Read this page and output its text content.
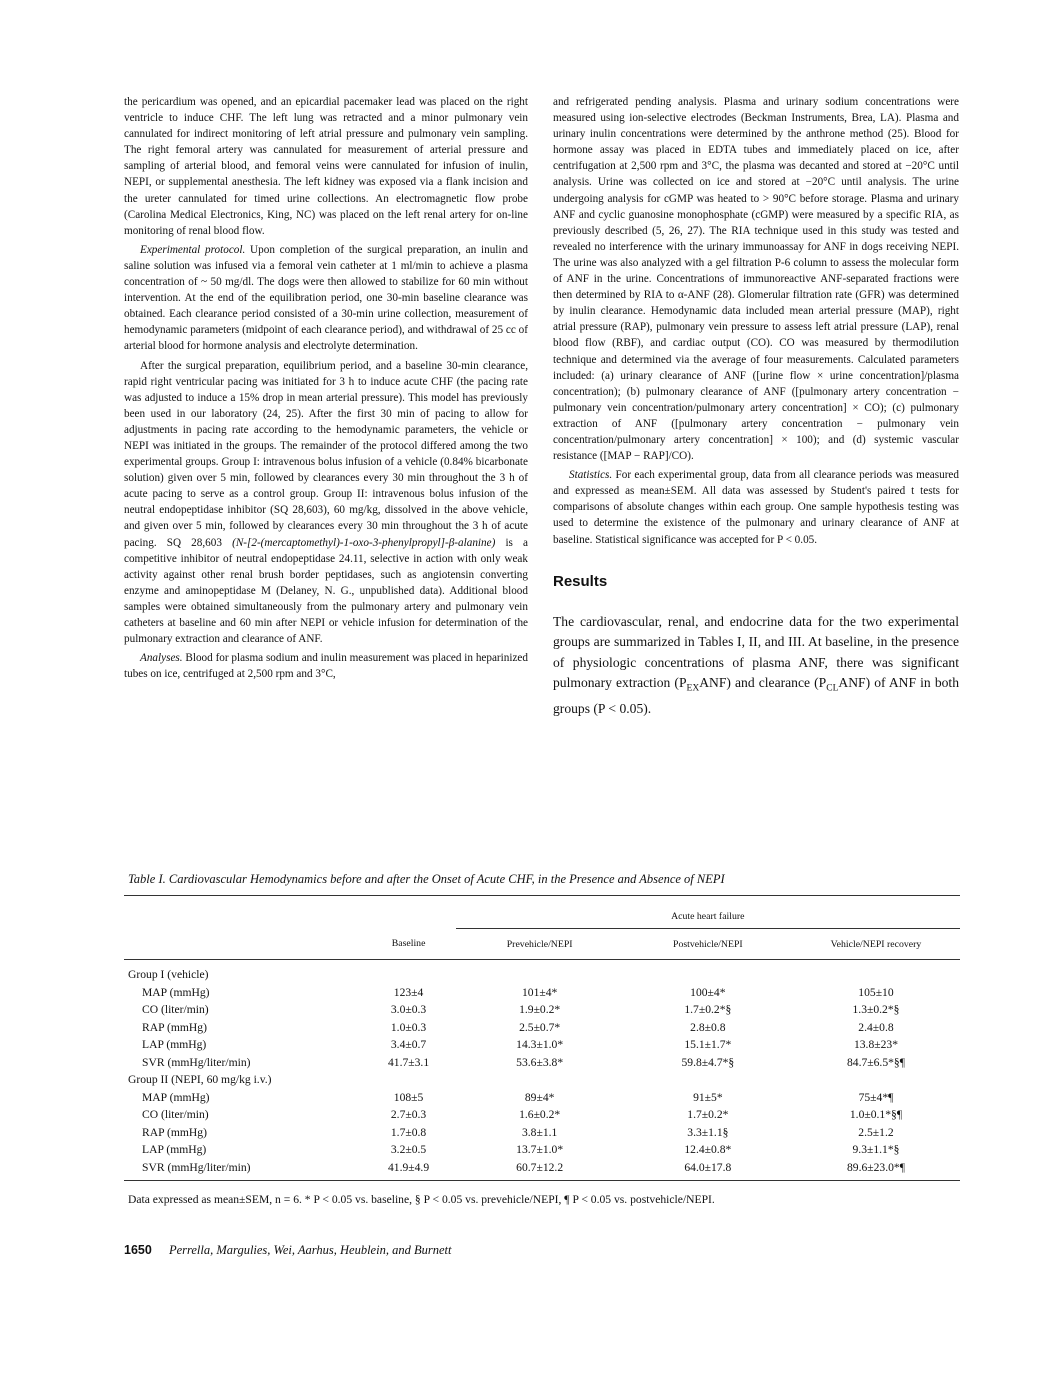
the pericardium was opened, and an epicardial pacemaker lead was placed on the right ventricle to induce CHF. The left lung was retracted and a minor pulmonary vein cannulated for indirect monitoring of left atrial pressure and pulmonary vein sampling. The right femoral artery was cannulated for measurement of arterial pressure and sampling of arterial blood, and femoral veins were cannulated for infusion of inulin, NEPI, or supplemental anesthesia. The left kidney was exposed via a flank incision and the ureter cannulated for timed urine collections. An electromagnetic flow probe (Carolina Medical Electronics, King, NC) was placed on the left renal artery for on-line monitoring of renal blood flow.

Experimental protocol. Upon completion of the surgical preparation, an inulin and saline solution was infused via a femoral vein catheter at 1 ml/min to achieve a plasma concentration of ~ 50 mg/dl. The dogs were then allowed to stabilize for 60 min without intervention. At the end of the equilibration period, one 30-min baseline clearance was obtained. Each clearance period consisted of a 30-min urine collection, measurement of hemodynamic parameters (midpoint of each clearance period), and withdrawal of 25 cc of arterial blood for hormone analysis and electrolyte determination.

After the surgical preparation, equilibrium period, and a baseline 30-min clearance, rapid right ventricular pacing was initiated for 3 h to induce acute CHF (the pacing rate was adjusted to induce a 15% drop in mean arterial pressure). This model has previously been used in our laboratory (24, 25). After the first 30 min of pacing to allow for adjustments in pacing rate according to the hemodynamic parameters, the vehicle or NEPI was initiated in the groups. The remainder of the protocol differed among the two experimental groups. Group I: intravenous bolus infusion of a vehicle (0.84% bicarbonate solution) given over 5 min, followed by clearances every 30 min throughout the 3 h of acute pacing to serve as a control group. Group II: intravenous bolus infusion of the neutral endopeptidase inhibitor (SQ 28,603), 60 mg/kg, dissolved in the above vehicle, and given over 5 min, followed by clearances every 30 min throughout the 3 h of acute pacing. SQ 28,603 (N-[2-(mercaptomethyl)-1-oxo-3-phenylpropyl]-β-alanine) is a competitive inhibitor of neutral endopeptidase 24.11, selective in action with only weak activity against other renal brush border peptidases, such as angiotensin converting enzyme and aminopeptidase M (Delaney, N. G., unpublished data). Additional blood samples were obtained simultaneously from the pulmonary artery and pulmonary vein catheters at baseline and 60 min after NEPI or vehicle infusion for determination of the pulmonary extraction and clearance of ANF.

Analyses. Blood for plasma sodium and inulin measurement was placed in heparinized tubes on ice, centrifuged at 2,500 rpm and 3°C,

and refrigerated pending analysis. Plasma and urinary sodium concentrations were measured using ion-selective electrodes (Beckman Instruments, Brea, LA). Plasma and urinary inulin concentrations were determined by the anthrone method (25). Blood for hormone assay was placed in EDTA tubes and immediately placed on ice, after centrifugation at 2,500 rpm and 3°C, the plasma was decanted and stored at −20°C until analysis. Urine was collected on ice and stored at −20°C until analysis. The urine undergoing analysis for cGMP was heated to > 90°C before storage. Plasma and urinary ANF and cyclic guanosine monophosphate (cGMP) were measured by a specific RIA, as previously described (5, 26, 27). The RIA technique used in this study was tested and revealed no interference with the urinary immunoassay for ANF in dogs receiving NEPI. The urine was also analyzed with a gel filtration P-6 column to assess the molecular form of ANF in the urine. Concentrations of immunoreactive ANF-separated fractions were then determined by RIA to α-ANF (28). Glomerular filtration rate (GFR) was determined by inulin clearance. Hemodynamic data included mean arterial pressure (MAP), right atrial pressure (RAP), pulmonary vein pressure to assess left atrial pressure (LAP), renal blood flow (RBF), and cardiac output (CO). CO was measured by thermodilution technique and determined via the average of four measurements. Calculated parameters included: (a) urinary clearance of ANF ([urine flow × urine concentration]/plasma concentration); (b) pulmonary clearance of ANF ([pulmonary artery concentration − pulmonary vein concentration/pulmonary artery concentration] × CO); (c) pulmonary extraction of ANF ([pulmonary artery concentration − pulmonary vein concentration/pulmonary artery concentration] × 100); and (d) systemic vascular resistance ([MAP − RAP]/CO).

Statistics. For each experimental group, data from all clearance periods was measured and expressed as mean±SEM. All data was assessed by Student's paired t tests for comparisons of absolute changes within each group. One sample hypothesis testing was used to determine the existence of the pulmonary and urinary clearance of ANF at baseline. Statistical significance was accepted for P < 0.05.

Results

The cardiovascular, renal, and endocrine data for the two experimental groups are summarized in Tables I, II, and III. At baseline, in the presence of physiologic concentrations of plasma ANF, there was significant pulmonary extraction $(P_{EX}ANF)$ and clearance $(P_{CL}ANF)$ of ANF in both groups (P < 0.05).

Table I. Cardiovascular Hemodynamics before and after the Onset of Acute CHF, in the Presence and Absence of NEPI
		Acute heart failure		
	Baseline	Prevehicle/NEPI	Postvehicle/NEPI	Vehicle/NEPI recovery
Group I (vehicle)				
MAP (mmHg)	123±4	101±4*	100±4*	105±10
CO (liter/min)	3.0±0.3	1.9±0.2*	1.7±0.2*§	1.3±0.2*§
RAP (mmHg)	1.0±0.3	2.5±0.7*	2.8±0.8	2.4±0.8
LAP (mmHg)	3.4±0.7	14.3±1.0*	15.1±1.7*	13.8±23*
SVR (mmHg/liter/min)	41.7±3.1	53.6±3.8*	59.8±4.7*§	84.7±6.5*§¶
Group II (NEPI, 60 mg/kg i.v.)				
MAP (mmHg)	108±5	89±4*	91±5*	75±4*¶
CO (liter/min)	2.7±0.3	1.6±0.2*	1.7±0.2*	1.0±0.1*§¶
RAP (mmHg)	1.7±0.8	3.8±1.1	3.3±1.1§	2.5±1.2
LAP (mmHg)	3.2±0.5	13.7±1.0*	12.4±0.8*	9.3±1.1*§
SVR (mmHg/liter/min)	41.9±4.9	60.7±12.2	64.0±17.8	89.6±23.0*¶
Data expressed as mean±SEM, n = 6. * P < 0.05 vs. baseline, § P < 0.05 vs. prevehicle/NEPI, ¶ P < 0.05 vs. postvehicle/NEPI.
1650 Perrella, Margulies, Wei, Aarhus, Heublein, and Burnett
